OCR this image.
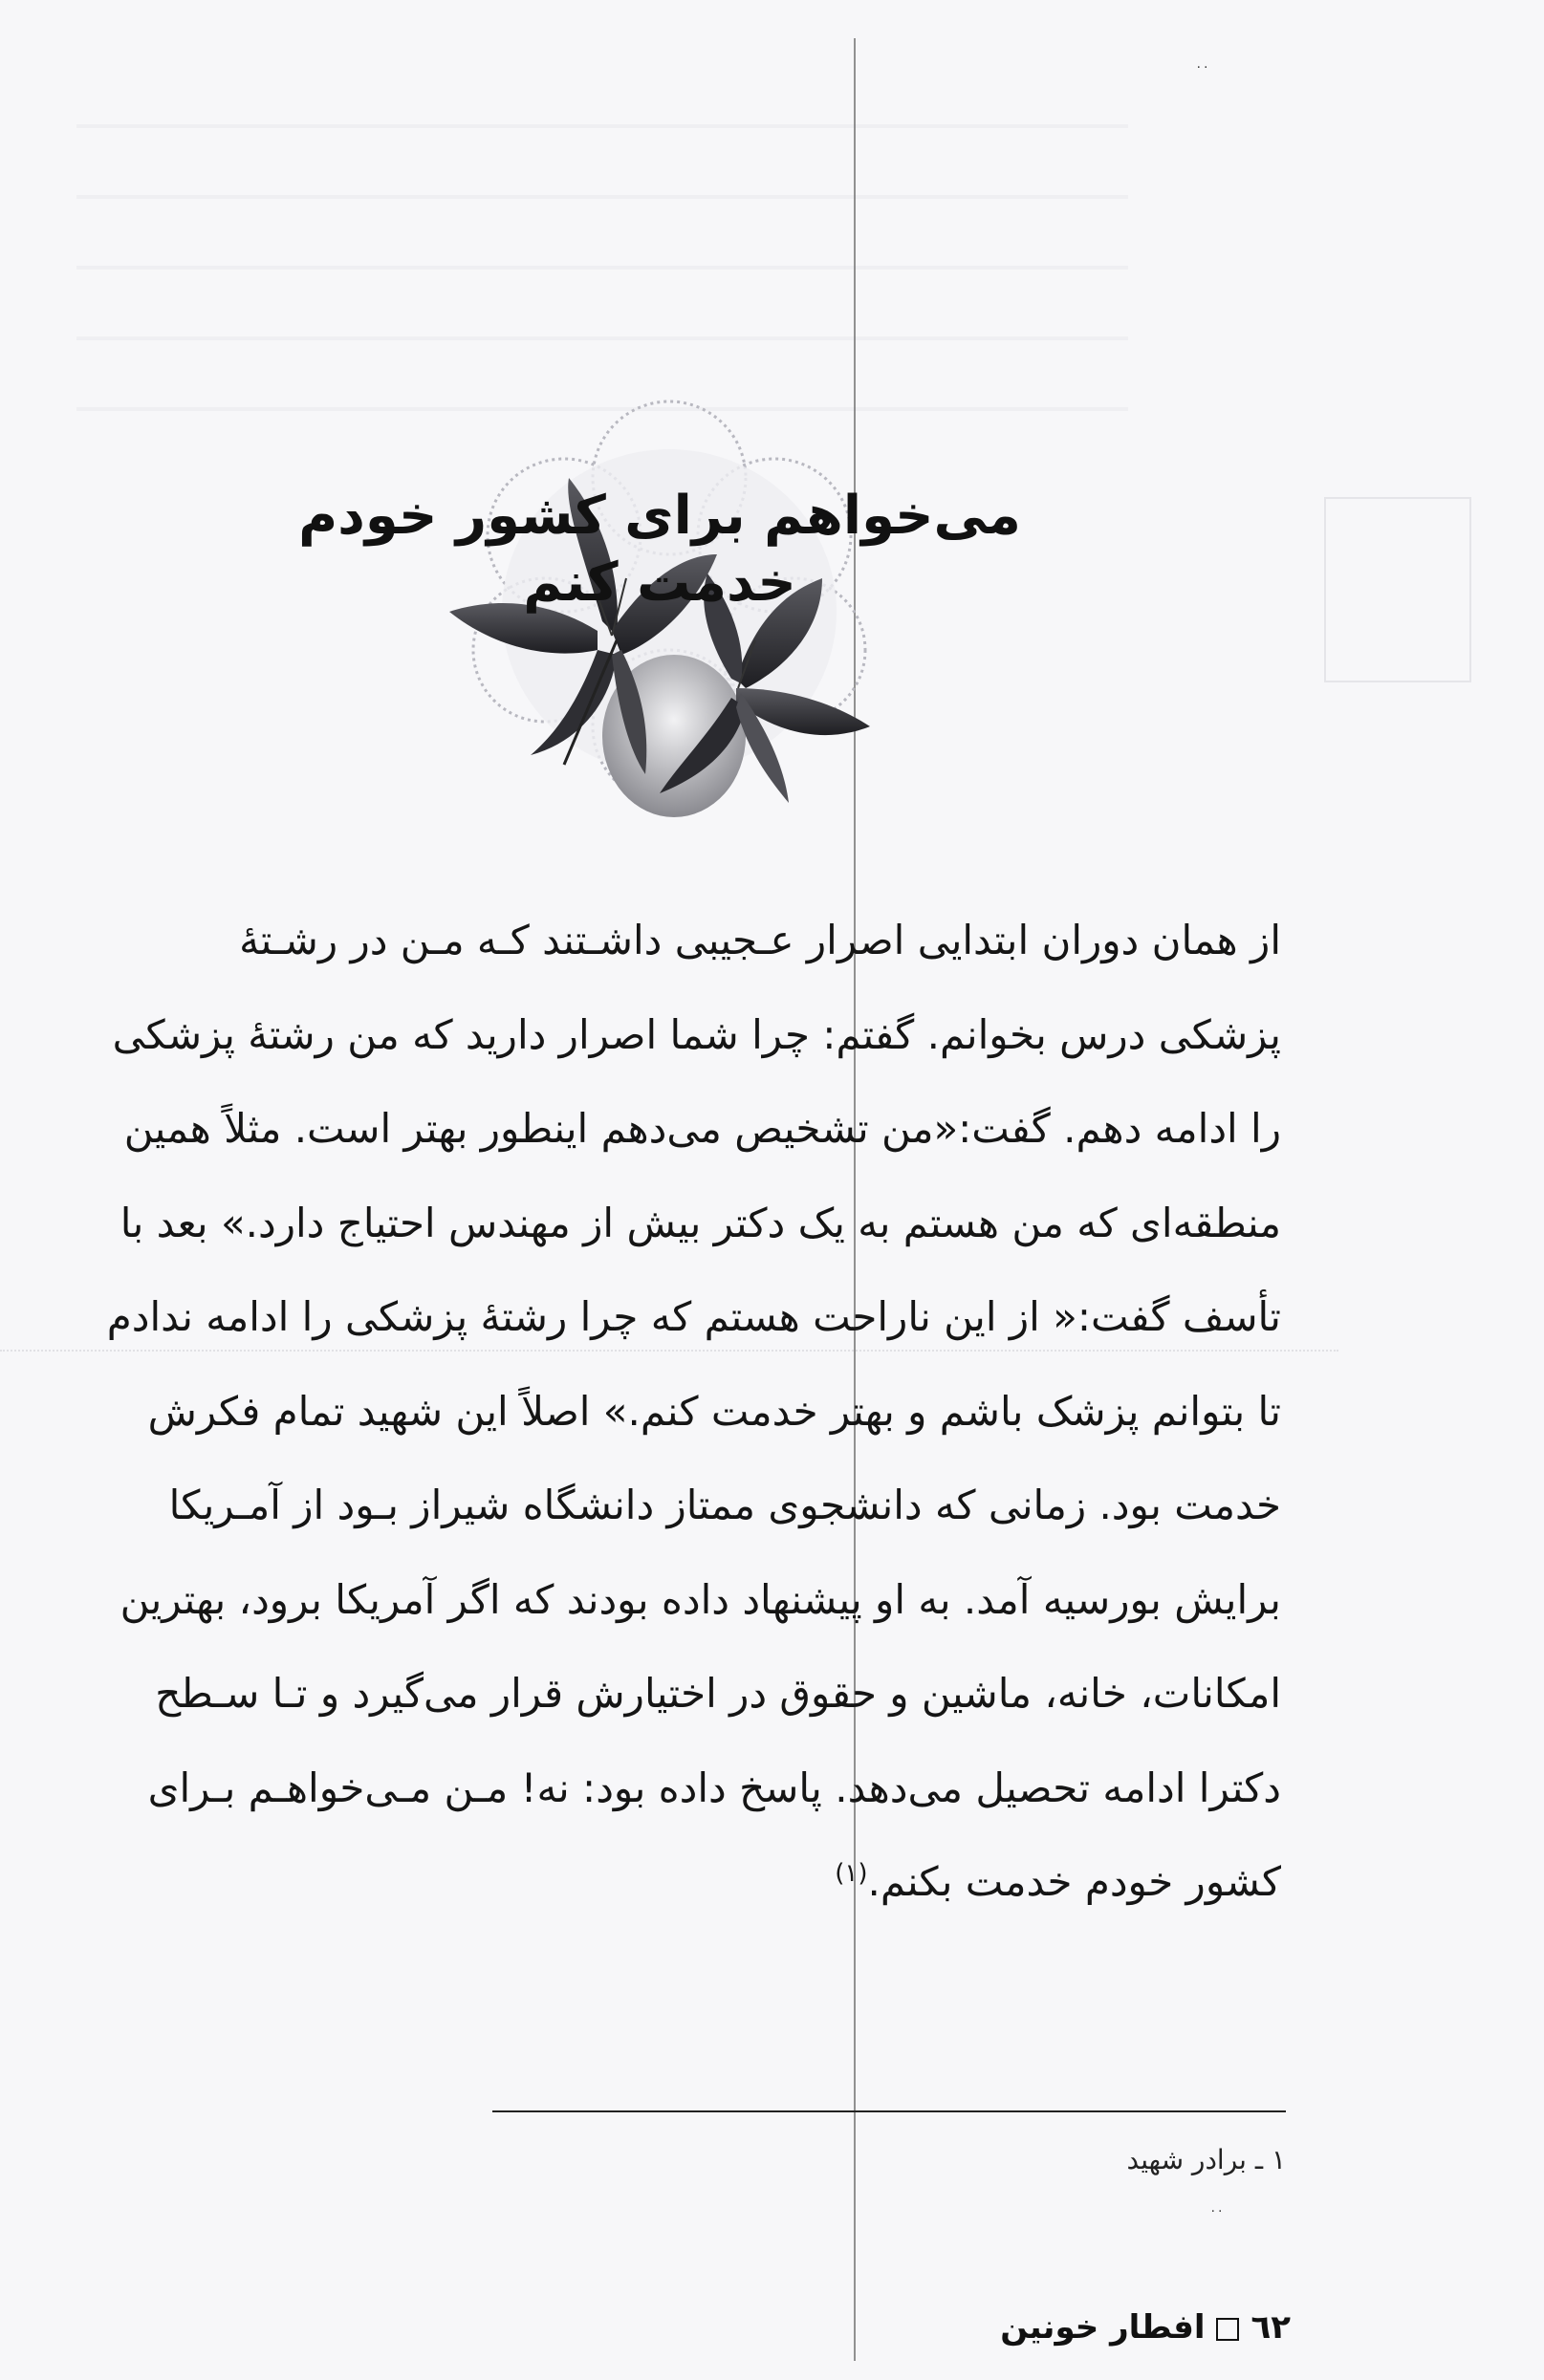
۰۰
می‌خواهم برای کشور خودم خدمت کنم
از همان دوران ابتدایی اصرار عـجیبی داشـتند کـه مـن در رشـتهٔ
پزشکی درس بخوانم. گفتم: چرا شما اصرار دارید که من رشتهٔ پزشکی
را ادامه دهم. گفت:«من تشخیص می‌دهم اینطور بهتر است. مثلاً همین
منطقه‌ای که من هستم به یک دکتر بیش از مهندس احتیاج دارد.» بعد با
تأسف گفت:« از این ناراحت هستم که چرا رشتهٔ پزشکی را ادامه ندادم
تا بتوانم پزشک باشم و بهتر خدمت کنم.» اصلاً این شهید تمام فکرش
خدمت بود. زمانی که دانشجوی ممتاز دانشگاه شیراز بـود از آمـریکا
برایش بورسیه آمد. به او پیشنهاد داده بودند که اگر آمریکا برود، بهترین
امکانات، خانه، ماشین و حقوق در اختیارش قرار می‌گیرد و تـا سـطح
دکترا ادامه تحصیل می‌دهد. پاسخ داده بود: نه! مـن مـی‌خواهـم بـرای
کشور خودم خدمت بکنم.$^{(۱)}$
۱ ـ برادر شهید
۰۰
٦٢افطار خونین
